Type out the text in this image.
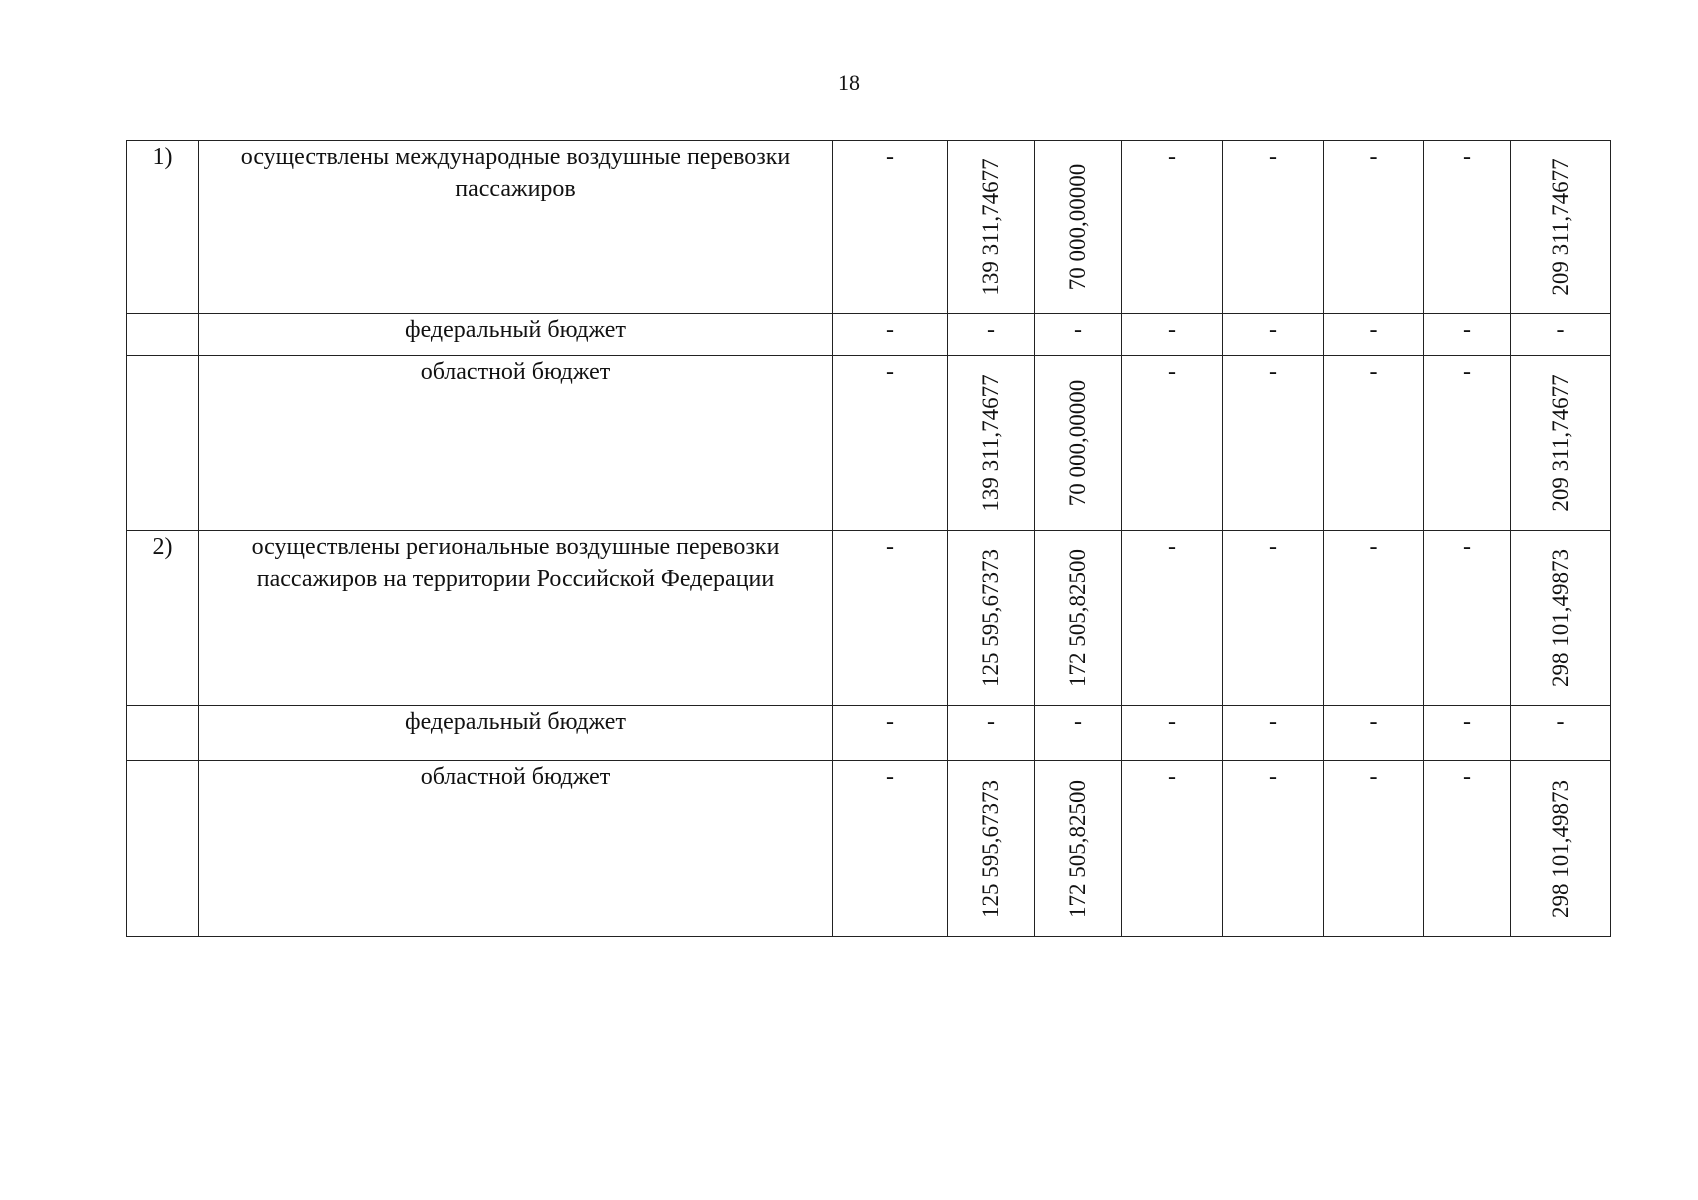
18
1)	осуществлены международные воздушные перевозки пассажиров	-	139 311,74677	70 000,00000	-	-	-	-	209 311,74677

	федеральный бюджет	-	-	-	-	-	-	-	-
	областной бюджет	-	139 311,74677	70 000,00000	-	-	-	-	209 311,74677

2)	осуществлены региональные воздушные перевозки пассажиров на территории Российской Федерации	-	125 595,67373	172 505,82500	-	-	-	-	298 101,49873

	федеральный бюджет	-	-	-	-	-	-	-	-
	областной бюджет	-	125 595,67373	172 505,82500	-	-	-	-	298 101,49873
